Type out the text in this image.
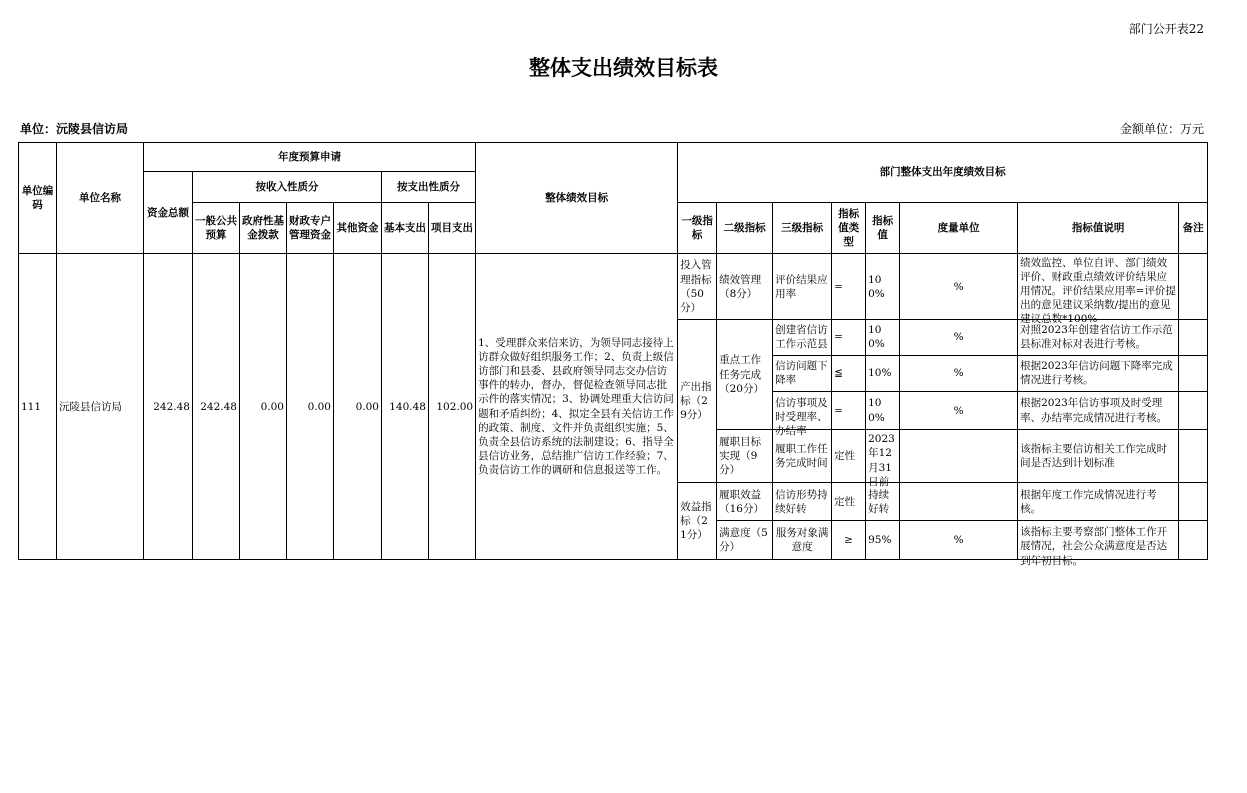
部门公开表22
整体支出绩效目标表
单位：沅陵县信访局	金额单位：万元
单位编码	单位名称	年度预算申请							整体绩效目标	部门整体支出年度绩效目标							
		资金总额	按收入性质分				按支出性质分										
			一般公共预算	政府性基金拨款	财政专户管理资金	其他资金	基本支出	项目支出		一级指标	二级指标	三级指标	指标值类型	指标值	度量单位	指标值说明	备注
111	沅陵县信访局	242.48	242.48	0.00	0.00	0.00	140.48	102.00	1、受理群众来信来访，为领导同志接待上访群众做好组织服务工作；2、负责上级信访部门和县委、县政府领导同志交办信访事件的转办，督办，督促检查领导同志批示件的落实情况；3、协调处理重大信访问题和矛盾纠纷；4、拟定全县有关信访工作的政策、制度、文件并负责组织实施；5、负责全县信访系统的法制建设；6、指导全县信访业务，总结推广信访工作经验；7、负责信访工作的调研和信息报送等工作。	投入管理指标（50分）	绩效管理（8分）	评价结果应用率	=	100%	%	绩效监控、单位自评、部门绩效评价、财政重点绩效评价结果应用情况。评价结果应用率=评价提出的意见建议采纳数/提出的意见建议总数*100%	

										产出指标（29分）	重点工作任务完成（20分）	创建省信访工作示范县	=	100%	%	对照2023年创建省信访工作示范县标准对标对表进行考核。	
												信访问题下降率	≦	10%	%	根据2023年信访问题下降率完成情况进行考核。	

												信访事项及时受理率、办结率	=	100%	%	根据2023年信访事项及时受理率、办结率完成情况进行考核。	
											履职目标实现（9分）	履职工作任务完成时间	定性	2023年12月31日前		该指标主要信访相关工作完成时间是否达到计划标准	
										效益指标（21分）	履职效益（16分）	信访形势持续好转	定性	持续好转		根据年度工作完成情况进行考核。	
											满意度（5分）	服务对象满意度	≥	95%	%	该指标主要考察部门整体工作开展情况，社会公众满意度是否达到年初目标。	
